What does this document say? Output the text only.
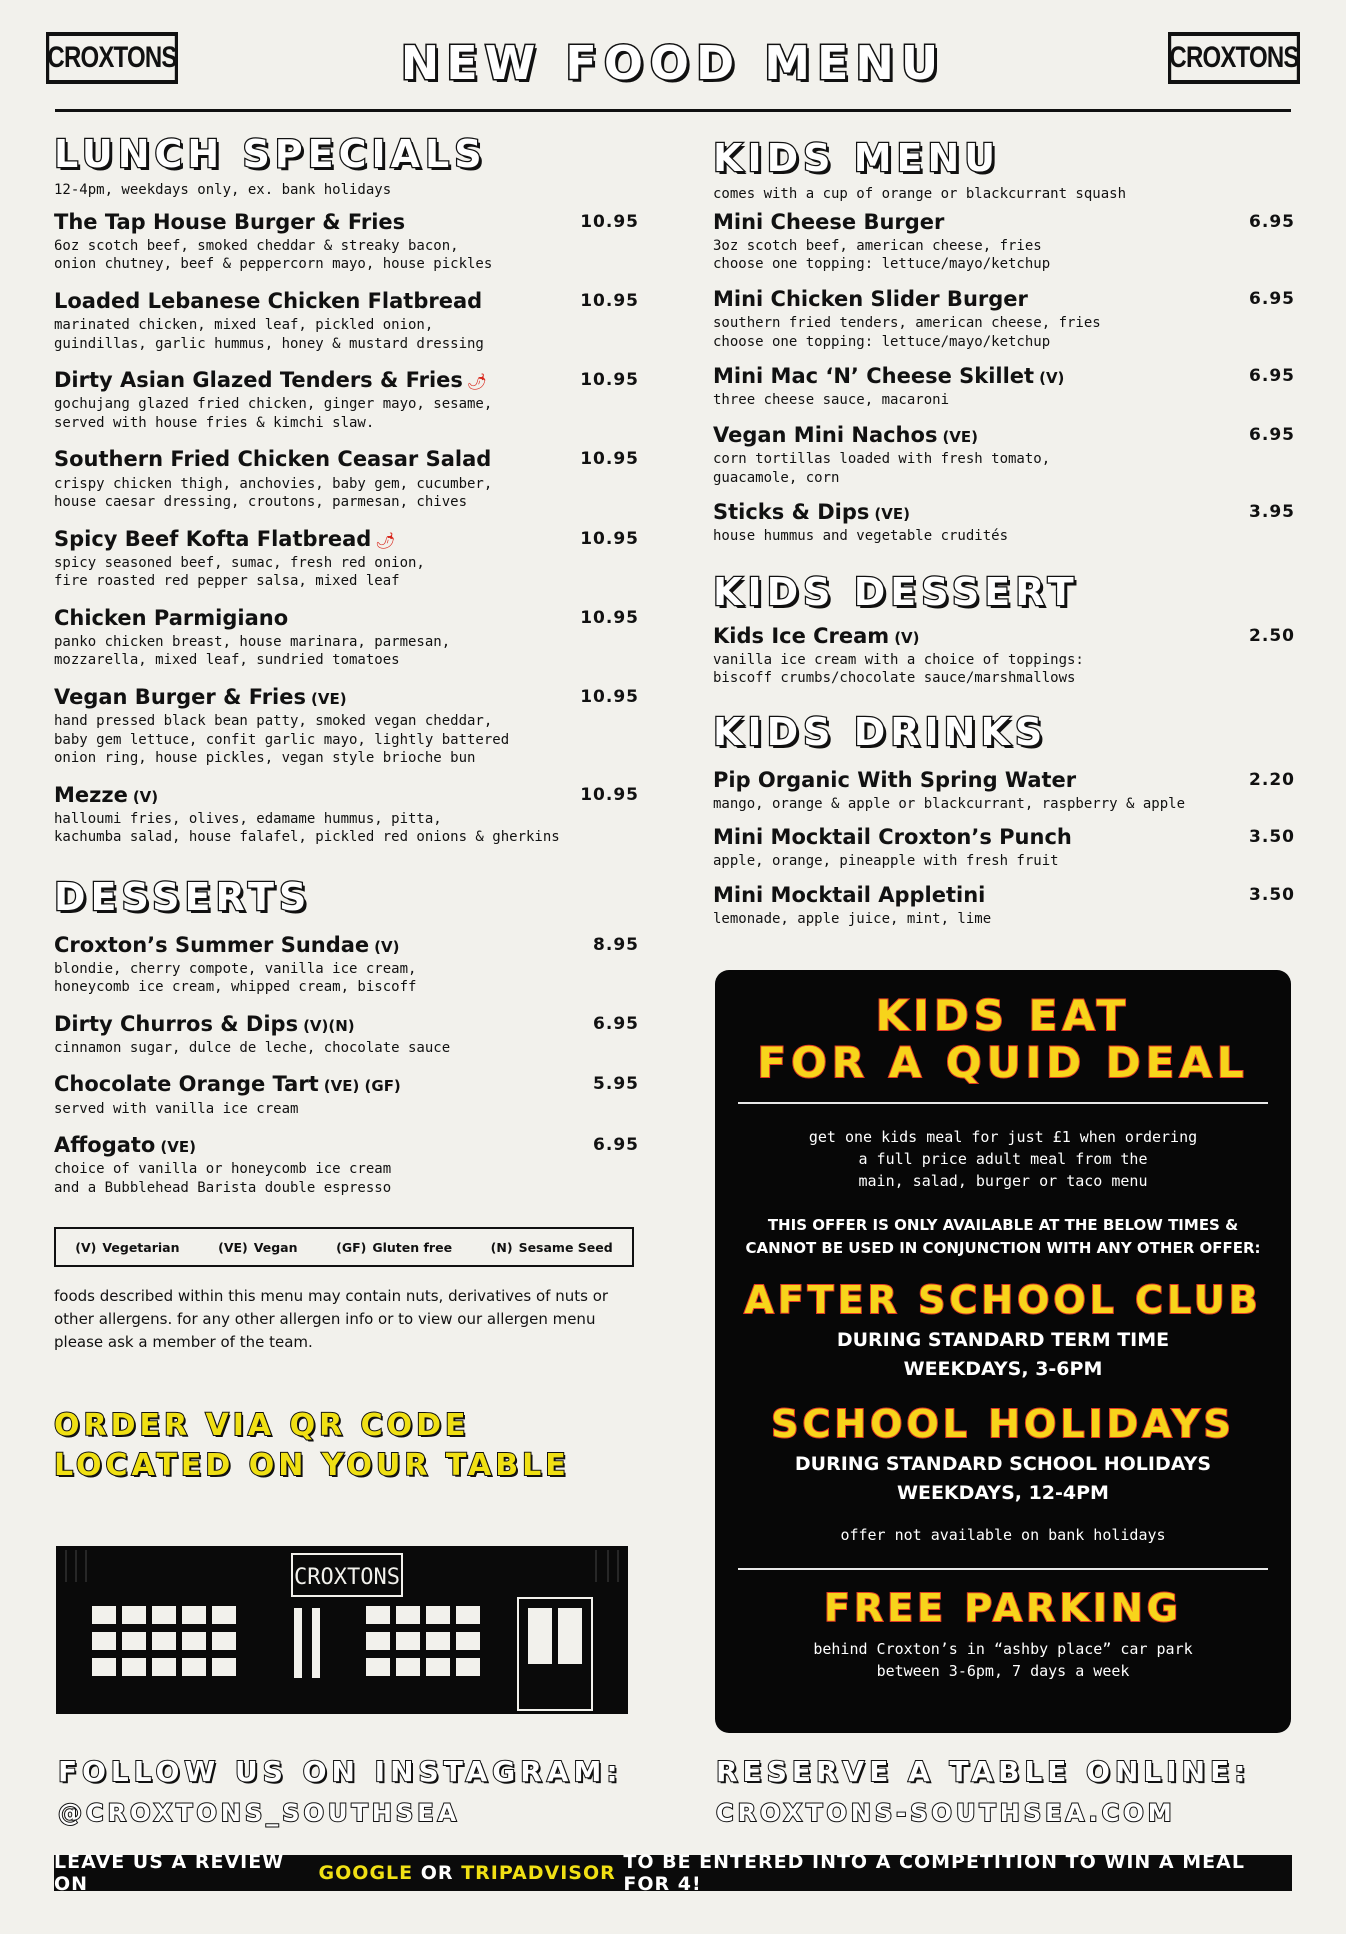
CROXTONS	NEW FOOD MENU	CROXTONS
LUNCH SPECIALS
12-4pm, weekdays only, ex. bank holidays
The Tap House Burger & Fries	10.95
6oz scotch beef, smoked cheddar & streaky bacon,
onion chutney, beef & peppercorn mayo, house pickles
Loaded Lebanese Chicken Flatbread	10.95
marinated chicken, mixed leaf, pickled onion,
guindillas, garlic hummus, honey & mustard dressing
Dirty Asian Glazed Tenders & Fries 🌶︎	10.95
gochujang glazed fried chicken, ginger mayo, sesame,
served with house fries & kimchi slaw.
Southern Fried Chicken Ceasar Salad	10.95
crispy chicken thigh, anchovies, baby gem, cucumber,
house caesar dressing, croutons, parmesan, chives
Spicy Beef Kofta Flatbread 🌶︎	10.95
spicy seasoned beef, sumac, fresh red onion,
fire roasted red pepper salsa, mixed leaf
Chicken Parmigiano	10.95
panko chicken breast, house marinara, parmesan,
mozzarella, mixed leaf, sundried tomatoes
Vegan Burger & Fries (VE)	10.95
hand pressed black bean patty, smoked vegan cheddar,
baby gem lettuce, confit garlic mayo, lightly battered
onion ring, house pickles, vegan style brioche bun
Mezze (V)	10.95
halloumi fries, olives, edamame hummus, pitta,
kachumba salad, house falafel, pickled red onions & gherkins
DESSERTS
Croxton’s Summer Sundae (V)	8.95
blondie, cherry compote, vanilla ice cream,
honeycomb ice cream, whipped cream, biscoff
Dirty Churros & Dips (V)(N)	6.95
cinnamon sugar, dulce de leche, chocolate sauce
Chocolate Orange Tart (VE) (GF)	5.95
served with vanilla ice cream
Affogato (VE)	6.95
choice of vanilla or honeycomb ice cream
and a Bubblehead Barista double espresso
(V) Vegetarian	(VE) Vegan	(GF) Gluten free	(N) Sesame Seed
foods described within this menu may contain nuts, derivatives of nuts or other allergens. for any other allergen info or to view our allergen menu please ask a member of the team.
ORDER VIA QR CODE
LOCATED ON YOUR TABLE
CROXTONS
KIDS MENU
comes with a cup of orange or blackcurrant squash
Mini Cheese Burger	6.95
3oz scotch beef, american cheese, fries
choose one topping: lettuce/mayo/ketchup
Mini Chicken Slider Burger	6.95
southern fried tenders, american cheese, fries
choose one topping: lettuce/mayo/ketchup
Mini Mac ‘N’ Cheese Skillet (V)	6.95
three cheese sauce, macaroni
Vegan Mini Nachos (VE)	6.95
corn tortillas loaded with fresh tomato,
guacamole, corn
Sticks & Dips (VE)	3.95
house hummus and vegetable crudités
KIDS DESSERT
Kids Ice Cream (V)	2.50
vanilla ice cream with a choice of toppings:
biscoff crumbs/chocolate sauce/marshmallows
KIDS DRINKS
Pip Organic With Spring Water	2.20
mango, orange & apple or blackcurrant, raspberry & apple
Mini Mocktail Croxton’s Punch	3.50
apple, orange, pineapple with fresh fruit
Mini Mocktail Appletini	3.50
lemonade, apple juice, mint, lime
KIDS EAT
FOR A QUID DEAL
get one kids meal for just £1 when ordering
a full price adult meal from the
main, salad, burger or taco menu
THIS OFFER IS ONLY AVAILABLE AT THE BELOW TIMES &
CANNOT BE USED IN CONJUNCTION WITH ANY OTHER OFFER:
AFTER SCHOOL CLUB
DURING STANDARD TERM TIME
WEEKDAYS, 3-6PM
SCHOOL HOLIDAYS
DURING STANDARD SCHOOL HOLIDAYS
WEEKDAYS, 12-4PM
offer not available on bank holidays
FREE PARKING
behind Croxton’s in “ashby place” car park
between 3-6pm, 7 days a week
FOLLOW US ON INSTAGRAM:
@CROXTONS_SOUTHSEA
RESERVE A TABLE ONLINE:
CROXTONS-SOUTHSEA.COM
LEAVE US A REVIEW ON
	GOOGLE
OR
TRIPADVISOR
TO BE ENTERED INTO A COMPETITION TO WIN A MEAL FOR 4!
